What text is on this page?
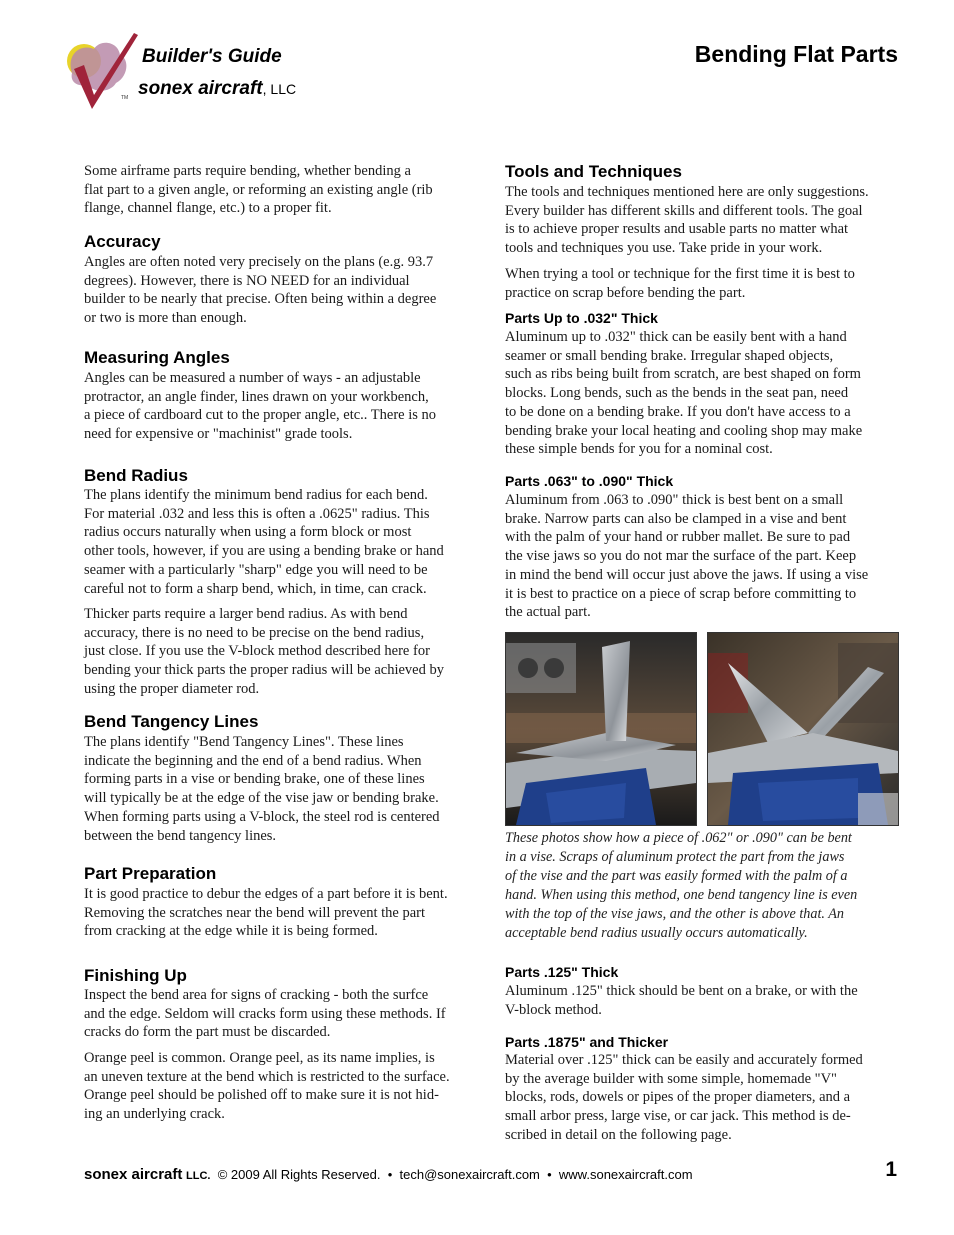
TM
Builder's Guide
sonex aircraft, LLC
Bending Flat Parts

Some airframe parts require bending, whether bending a
flat part to a given angle, or reforming an existing angle (rib
flange, channel flange, etc.) to a proper fit.

Accuracy

Angles are often noted very precisely on the plans (e.g. 93.7
degrees). However, there is NO NEED for an individual
builder to be nearly that precise. Often being within a degree
or two is more than enough.

Measuring Angles

Angles can be measured a number of ways - an adjustable
protractor, an angle finder, lines drawn on your workbench,
a piece of cardboard cut to the proper angle, etc.. There is no
need for expensive or "machinist" grade tools.

Bend Radius

The plans identify the minimum bend radius for each bend.
For material .032 and less this is often a .0625" radius. This
radius occurs naturally when using a form block or most
other tools, however, if you are using a bending brake or hand
seamer with a particularly "sharp" edge you will need to be
careful not to form a sharp bend, which, in time, can crack.

Thicker parts require a larger bend radius. As with bend
accuracy, there is no need to be precise on the bend radius,
just close. If you use the V-block method described here for
bending your thick parts the proper radius will be achieved by
using the proper diameter rod.

Bend Tangency Lines

The plans identify "Bend Tangency Lines". These lines
indicate the beginning and the end of a bend radius. When
forming parts in a vise or bending brake, one of these lines
will typically be at the edge of the vise jaw or bending brake.
When forming parts using a V-block, the steel rod is centered
between the bend tangency lines.

Part Preparation

It is good practice to debur the edges of a part before it is bent.
Removing the scratches near the bend will prevent the part
from cracking at the edge while it is being formed.

Finishing Up

Inspect the bend area for signs of cracking - both the surfce
and the edge. Seldom will cracks form using these methods. If
cracks do form the part must be discarded.

Orange peel is common. Orange peel, as its name implies, is
an uneven texture at the bend which is restricted to the surface.
Orange peel should be polished off to make sure it is not hid-
ing an underlying crack.

Tools and Techniques

The tools and techniques mentioned here are only suggestions.
Every builder has different skills and different tools. The goal
is to achieve proper results and usable parts no matter what
tools and techniques you use. Take pride in your work.

When trying a tool or technique for the first time it is best to
practice on scrap before bending the part.

Parts Up to .032" Thick

Aluminum up to .032" thick can be easily bent with a hand
seamer or small bending brake. Irregular shaped objects,
such as ribs being built from scratch, are best shaped on form
blocks. Long bends, such as the bends in the seat pan, need
to be done on a bending brake. If you don't have access to a
bending brake your local heating and cooling shop may make
these simple bends for you for a nominal cost.

Parts .063" to .090" Thick

Aluminum from .063 to .090" thick is best bent on a small
brake. Narrow parts can also be clamped in a vise and bent
with the palm of your hand or rubber mallet. Be sure to pad
the vise jaws so you do not mar the surface of the part. Keep
in mind the bend will occur just above the jaws. If using a vise
it is best to practice on a piece of scrap before committing to
the actual part.

These photos show how a piece of .062" or .090" can be bent
in a vise. Scraps of aluminum protect the part from the jaws
of the vise and the part was easily formed with the palm of a
hand. When using this method, one bend tangency line is even
with the top of the vise jaws, and the other is above that. An
acceptable bend radius usually occurs automatically.

Parts .125" Thick

Aluminum .125" thick should be bent on a brake, or with the
V-block method.

Parts .1875" and Thicker

Material over .125" thick can be easily and accurately formed
by the average builder with some simple, homemade "V"
blocks, rods, dowels or pipes of the proper diameters, and a
small arbor press, large vise, or car jack. This method is de-
scribed in detail on the following page.

sonex aircraft LLC. © 2009 All Rights Reserved. • tech@sonexaircraft.com • www.sonexaircraft.com	1
